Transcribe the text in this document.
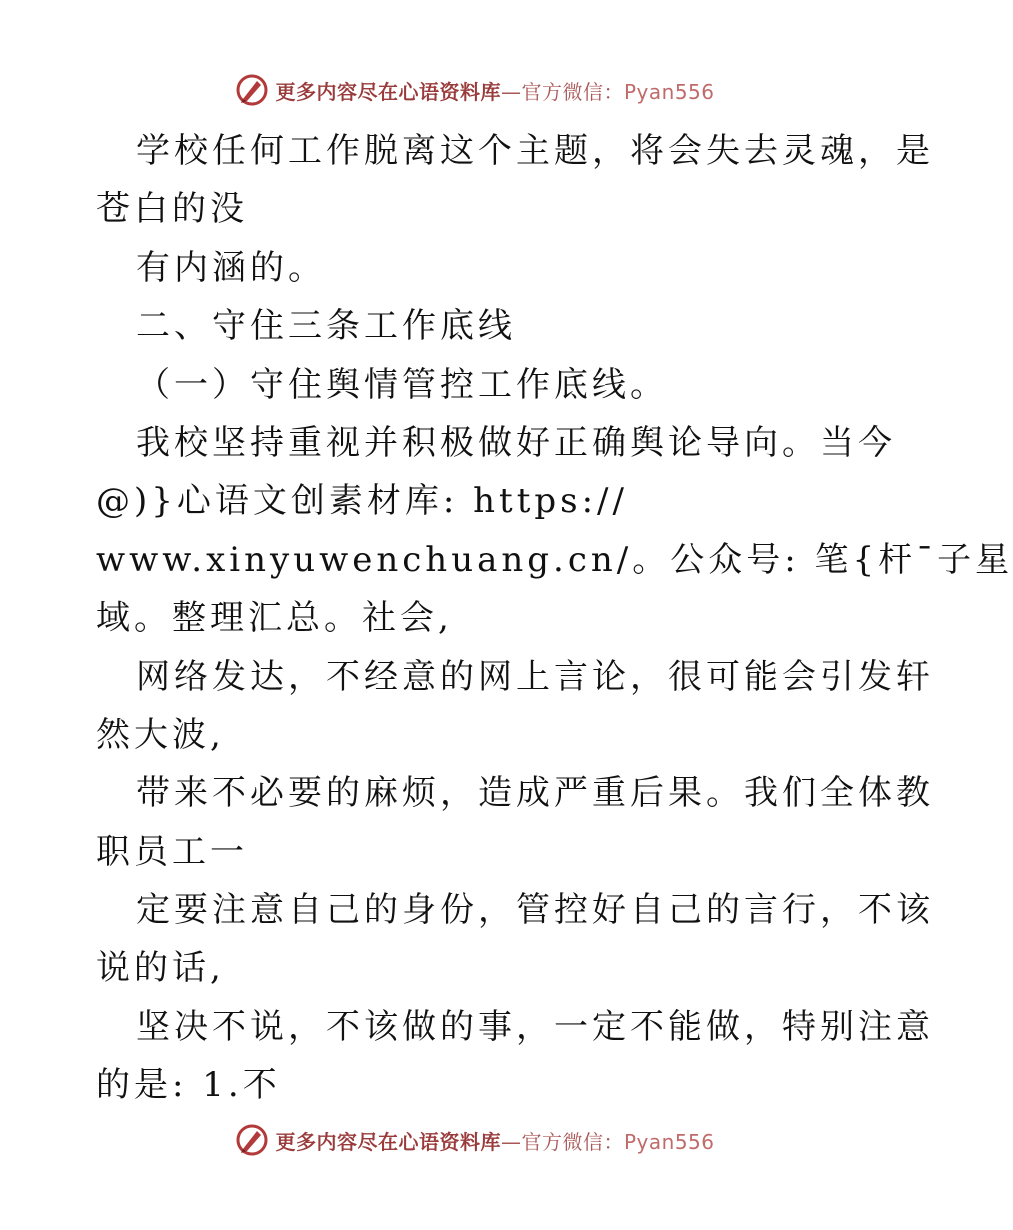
更多内容尽在心语资料库—官方微信：Pyan556
学校任何工作脱离这个主题，将会失去灵魂，是
苍白的没
有内涵的。
二、守住三条工作底线
（一）守住舆情管控工作底线。
我校坚持重视并积极做好正确舆论导向。当今
@)}心语文创素材库: https://
www.xinyuwenchuang.cn/。公众号: 笔{杆¯子星
域。整理汇总。社会,
网络发达，不经意的网上言论，很可能会引发轩
然大波,
带来不必要的麻烦，造成严重后果。我们全体教
职员工一
定要注意自己的身份，管控好自己的言行，不该
说的话,
坚决不说，不该做的事，一定不能做，特别注意
的是: 1.不
更多内容尽在心语资料库—官方微信：Pyan556
